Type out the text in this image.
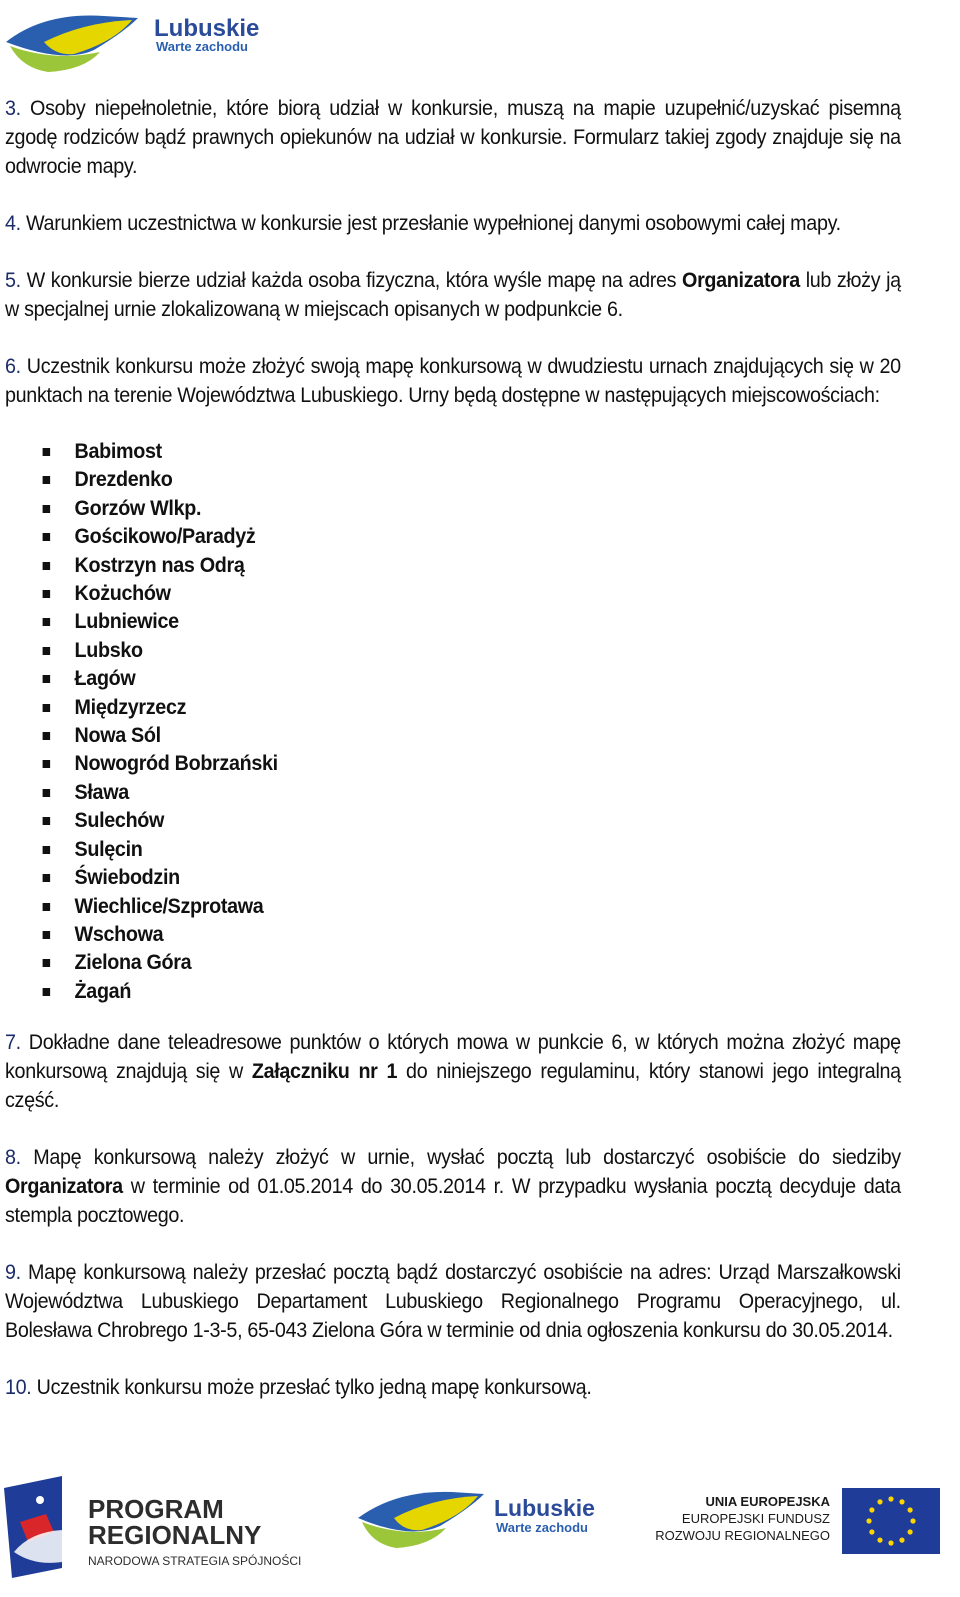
Lubuskie
Warte zachodu

3. Osoby niepełnoletnie, które biorą udział w konkursie, muszą na mapie uzupełnić/uzyskać pisemną zgodę rodziców bądź prawnych opiekunów na udział w konkursie. Formularz takiej zgody znajduje się na odwrocie mapy.

4. Warunkiem uczestnictwa w konkursie jest przesłanie wypełnionej danymi osobowymi całej mapy.

5. W konkursie bierze udział każda osoba fizyczna, która wyśle mapę na adres Organizatora lub złoży ją w specjalnej urnie zlokalizowaną w miejscach opisanych w podpunkcie 6.

6. Uczestnik konkursu może złożyć swoją mapę konkursową w dwudziestu urnach znajdujących się w 20 punktach na terenie Województwa Lubuskiego. Urny będą dostępne w następujących miejscowościach:

Babimost
Drezdenko
Gorzów Wlkp.
Gościkowo/Paradyż
Kostrzyn nas Odrą
Kożuchów
Lubniewice
Lubsko
Łagów
Międzyrzecz
Nowa Sól
Nowogród Bobrzański
Sława
Sulechów
Sulęcin
Świebodzin
Wiechlice/Szprotawa
Wschowa
Zielona Góra
Żagań

7. Dokładne dane teleadresowe punktów o których mowa w punkcie 6, w których można złożyć mapę konkursową znajdują się w Załączniku nr 1 do niniejszego regulaminu, który stanowi jego integralną część.

8. Mapę konkursową należy złożyć w urnie, wysłać pocztą lub dostarczyć osobiście do siedziby Organizatora w terminie od 01.05.2014 do 30.05.2014 r. W przypadku wysłania pocztą decyduje data stempla pocztowego.

9. Mapę konkursową należy przesłać pocztą bądź dostarczyć osobiście na adres: Urząd Marszałkowski Województwa Lubuskiego Departament Lubuskiego Regionalnego Programu Operacyjnego, ul. Bolesława Chrobrego 1-3-5, 65-043 Zielona Góra w terminie od dnia ogłoszenia konkursu do 30.05.2014.

10. Uczestnik konkursu może przesłać tylko jedną mapę konkursową.

PROGRAM
REGIONALNY
NARODOWA STRATEGIA SPÓJNOŚCI
Lubuskie
Warte zachodu
UNIA EUROPEJSKA
EUROPEJSKI FUNDUSZ
ROZWOJU REGIONALNEGO
